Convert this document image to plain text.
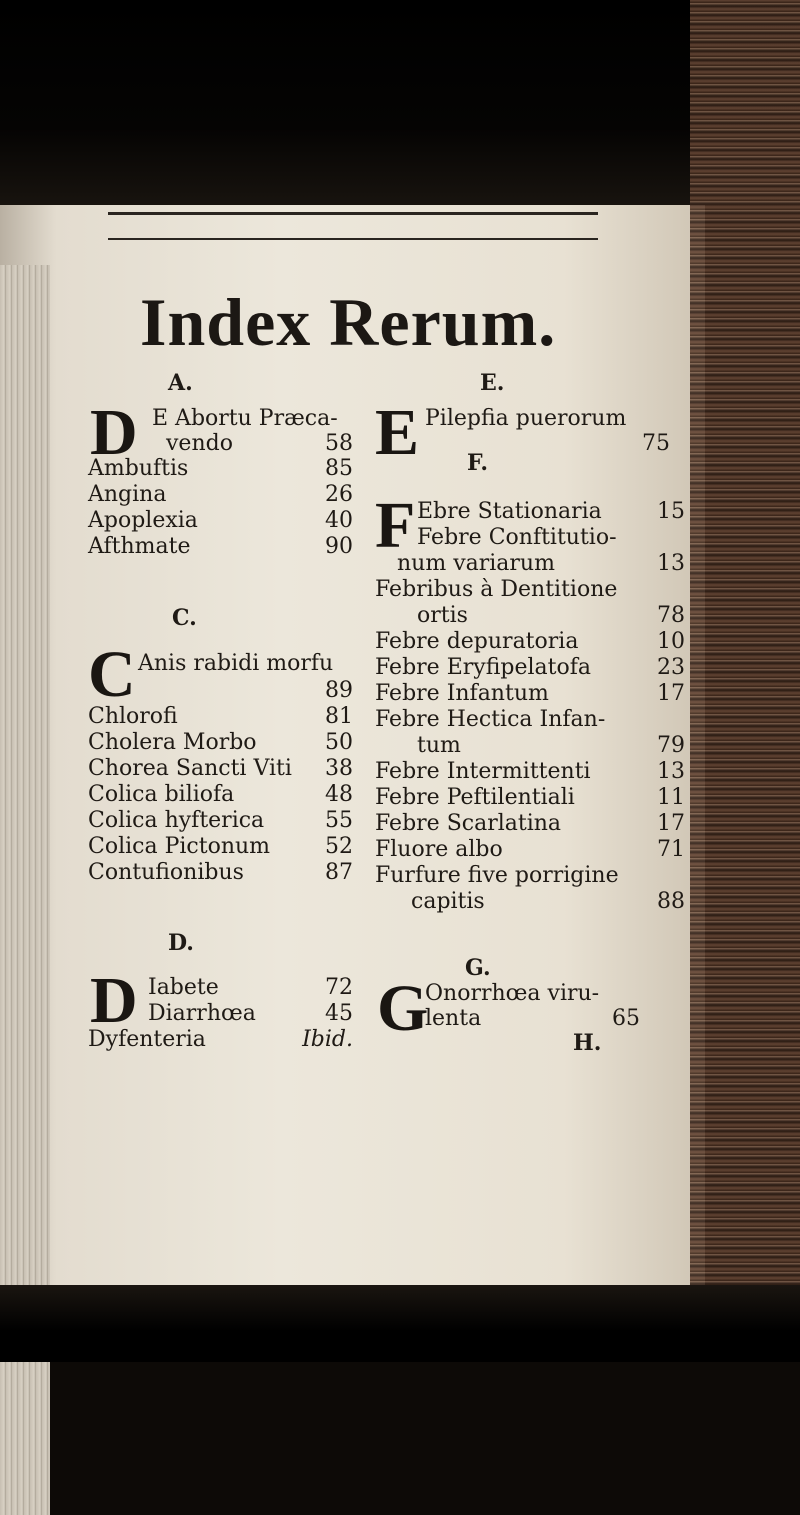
Index Rerum.
A.
D E Abortu Præca-
vendo	58
Ambuftis	85
Angina	26
Apoplexia	40
Afthmate	90
C.
C Anis rabidi morfu
89
Chlorofi	81
Cholera Morbo	50
Chorea Sancti Viti 38
Colica biliofa	48
Colica hyfterica	55
Colica Pictonum 52
Contufionibus	87
D.
D Iabete	72
Diarrhœa	45
Dyfenteria	Ibid.
E.
E Pilepfia puerorum
75
F.
F Ebre Stationaria	15
Febre Conftitutio-
num variarum	13
Febribus à Dentitione
ortis	78
Febre depuratoria	10
Febre Eryfipelatofa	23
Febre Infantum	17
Febre Hectica Infan-
tum	79
Febre Intermittenti	13
Febre Peftilentiali	11
Febre Scarlatina	17
Fluore albo	71
Furfure five porrigine
capitis	88
G.
G
Onorrhœa viru-
lenta	65
H.
